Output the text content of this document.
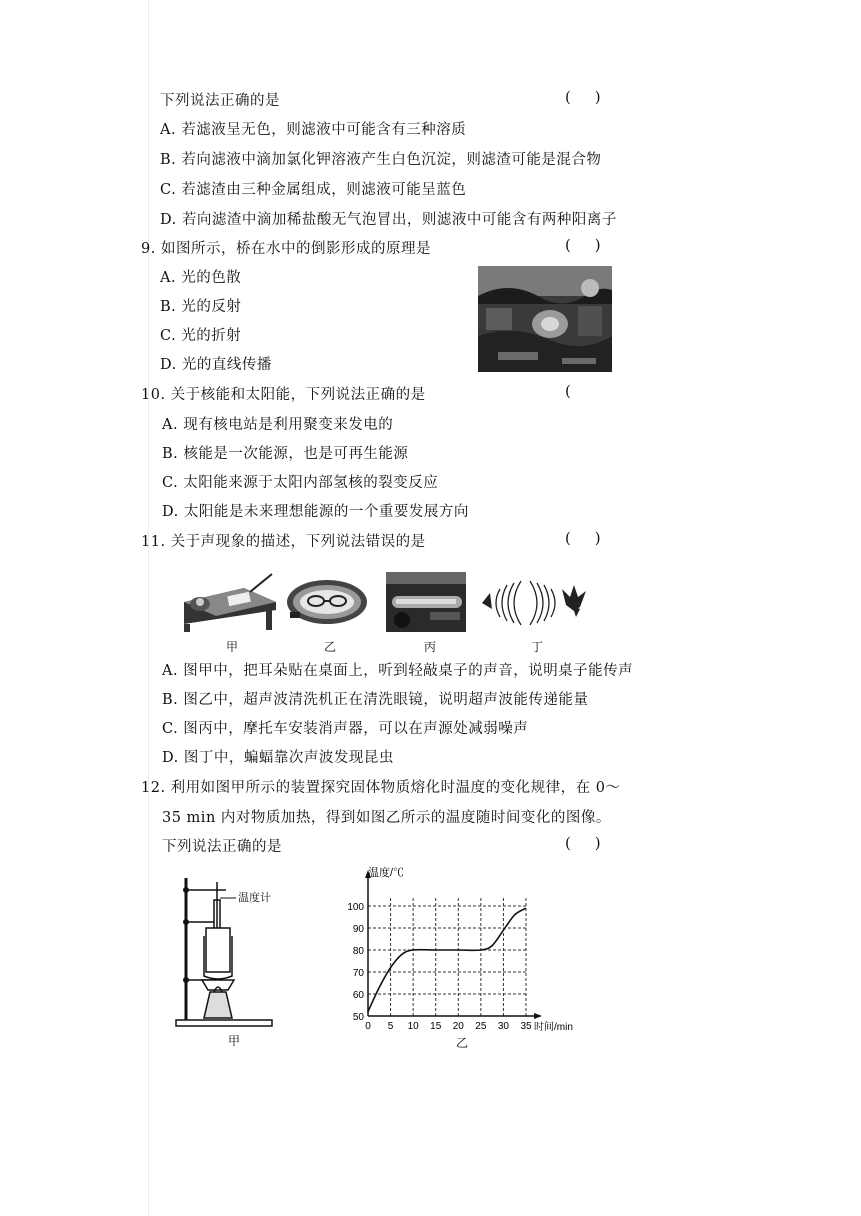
下列说法正确的是	(     )
A. 若滤液呈无色，则滤液中可能含有三种溶质
B. 若向滤液中滴加氯化钾溶液产生白色沉淀，则滤渣可能是混合物
C. 若滤渣由三种金属组成，则滤液可能呈蓝色
D. 若向滤渣中滴加稀盐酸无气泡冒出，则滤液中可能含有两种阳离子
9. 如图所示，桥在水中的倒影形成的原理是	(     )
A. 光的色散
B. 光的反射
C. 光的折射
D. 光的直线传播
10. 关于核能和太阳能，下列说法正确的是	(
A. 现有核电站是利用聚变来发电的
B. 核能是一次能源，也是可再生能源
C. 太阳能来源于太阳内部氢核的裂变反应
D. 太阳能是未来理想能源的一个重要发展方向
11. 关于声现象的描述，下列说法错误的是	(     )
甲	乙	丙	丁
A. 图甲中，把耳朵贴在桌面上，听到轻敲桌子的声音，说明桌子能传声
B. 图乙中，超声波清洗机正在清洗眼镜，说明超声波能传递能量
C. 图丙中，摩托车安装消声器，可以在声源处减弱噪声
D. 图丁中，蝙蝠靠次声波发现昆虫
12. 利用如图甲所示的装置探究固体物质熔化时温度的变化规律，在 0～
35 min 内对物质加热，得到如图乙所示的温度随时间变化的图像。
下列说法正确的是	(     )
温度计
甲
0 5 10 15 20 25 30 35
50
60
70
80
90
100
温度/℃
时间/min
乙
